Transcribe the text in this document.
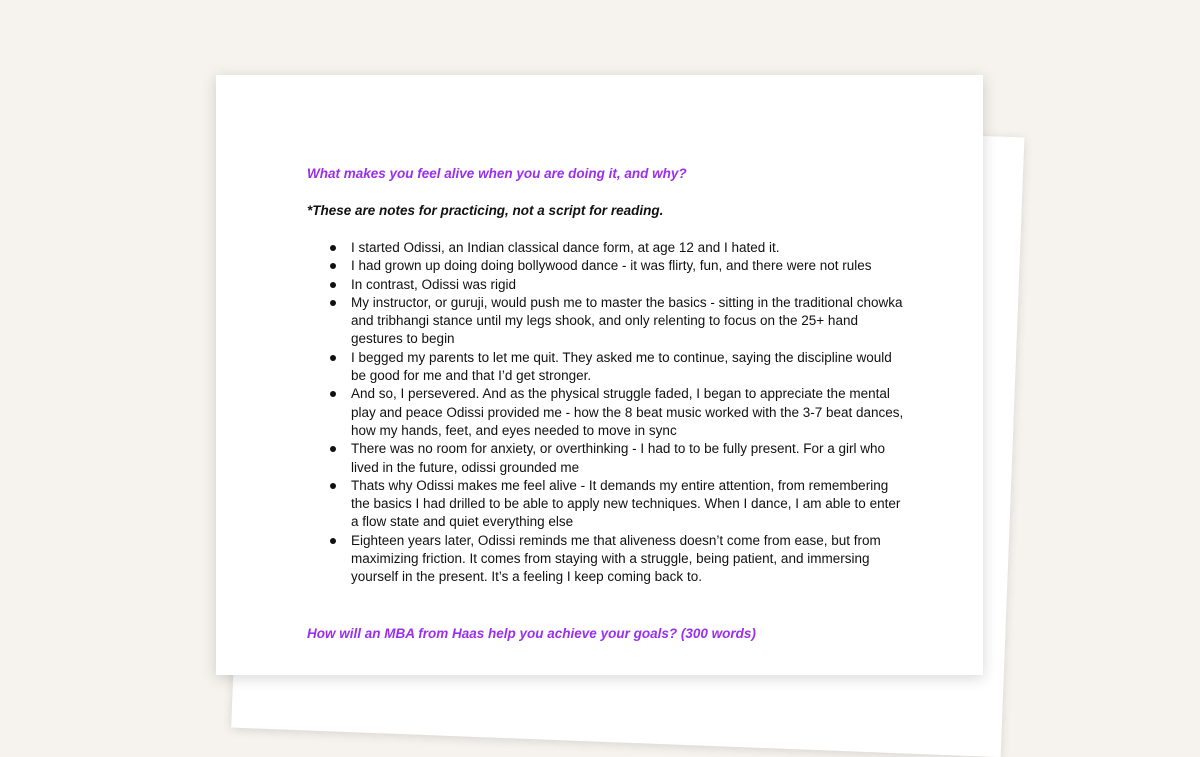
What makes you feel alive when you are doing it, and why?

*These are notes for practicing, not a script for reading.

I started Odissi, an Indian classical dance form, at age 12 and I hated it.
I had grown up doing doing bollywood dance - it was flirty, fun, and there were not rules
In contrast, Odissi was rigid
My instructor, or guruji, would push me to master the basics - sitting in the traditional chowka and tribhangi stance until my legs shook, and only relenting to focus on the 25+ hand gestures to begin
I begged my parents to let me quit. They asked me to continue, saying the discipline would be good for me and that I’d get stronger.
And so, I persevered. And as the physical struggle faded, I began to appreciate the mental play and peace Odissi provided me - how the 8 beat music worked with the 3-7 beat dances, how my hands, feet, and eyes needed to move in sync
There was no room for anxiety, or overthinking - I had to to be fully present. For a girl who lived in the future, odissi grounded me
Thats why Odissi makes me feel alive - It demands my entire attention, from remembering the basics I had drilled to be able to apply new techniques. When I dance, I am able to enter a flow state and quiet everything else
Eighteen years later, Odissi reminds me that aliveness doesn’t come from ease, but from maximizing friction. It comes from staying with a struggle, being patient, and immersing yourself in the present. It’s a feeling I keep coming back to.

How will an MBA from Haas help you achieve your goals? (300 words)
